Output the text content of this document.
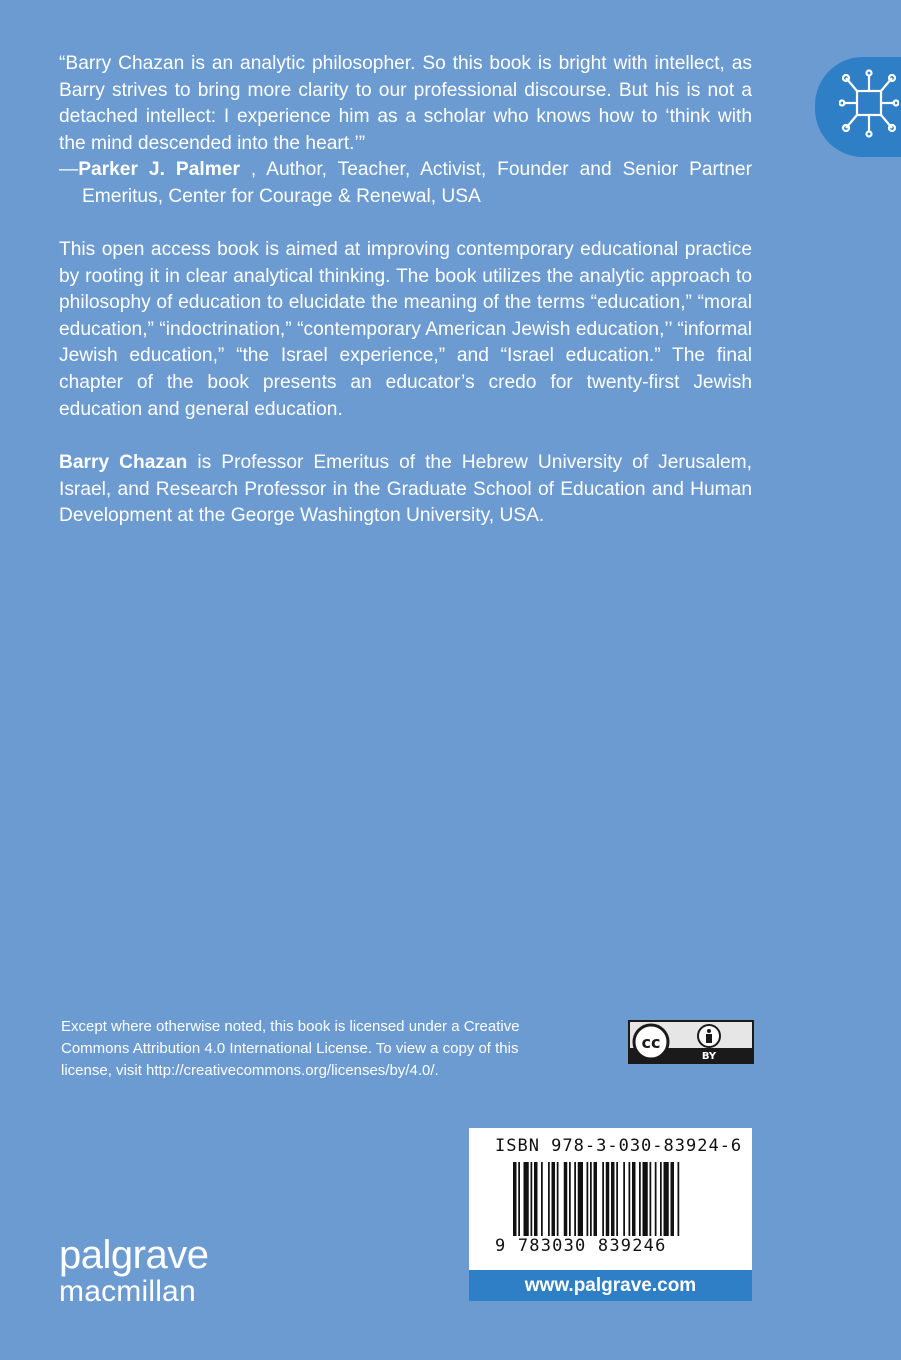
“Barry Chazan is an analytic philosopher. So this book is bright with intellect, as Barry strives to bring more clarity to our professional discourse. But his is not a detached intellect: I experience him as a scholar who knows how to ‘think with the mind descended into the heart.’”

—Parker J. Palmer , Author, Teacher, Activist, Founder and Senior Partner Emeritus, Center for Courage & Renewal, USA

This open access book is aimed at improving contemporary educational practice by rooting it in clear analytical thinking. The book utilizes the analytic approach to philosophy of education to elucidate the meaning of the terms “education,” “moral education,” “indoctrination,” “contemporary American Jewish education,’’ “informal Jewish education,” “the Israel experience,” and “Israel education.” The final chapter of the book presents an educator’s credo for twenty-first Jewish education and general education.

Barry Chazan is Professor Emeritus of the Hebrew University of Jerusalem, Israel, and Research Professor in the Graduate School of Education and Human Development at the George Washington University, USA.

Except where otherwise noted, this book is licensed under a Creative Commons Attribution 4.0 International License. To view a copy of this license, visit http://creativecommons.org/licenses/by/4.0/.
cc
BY
palgrave
macmillan
ISBN 978-3-030-83924-6
9 783030 839246
www.palgrave.com
